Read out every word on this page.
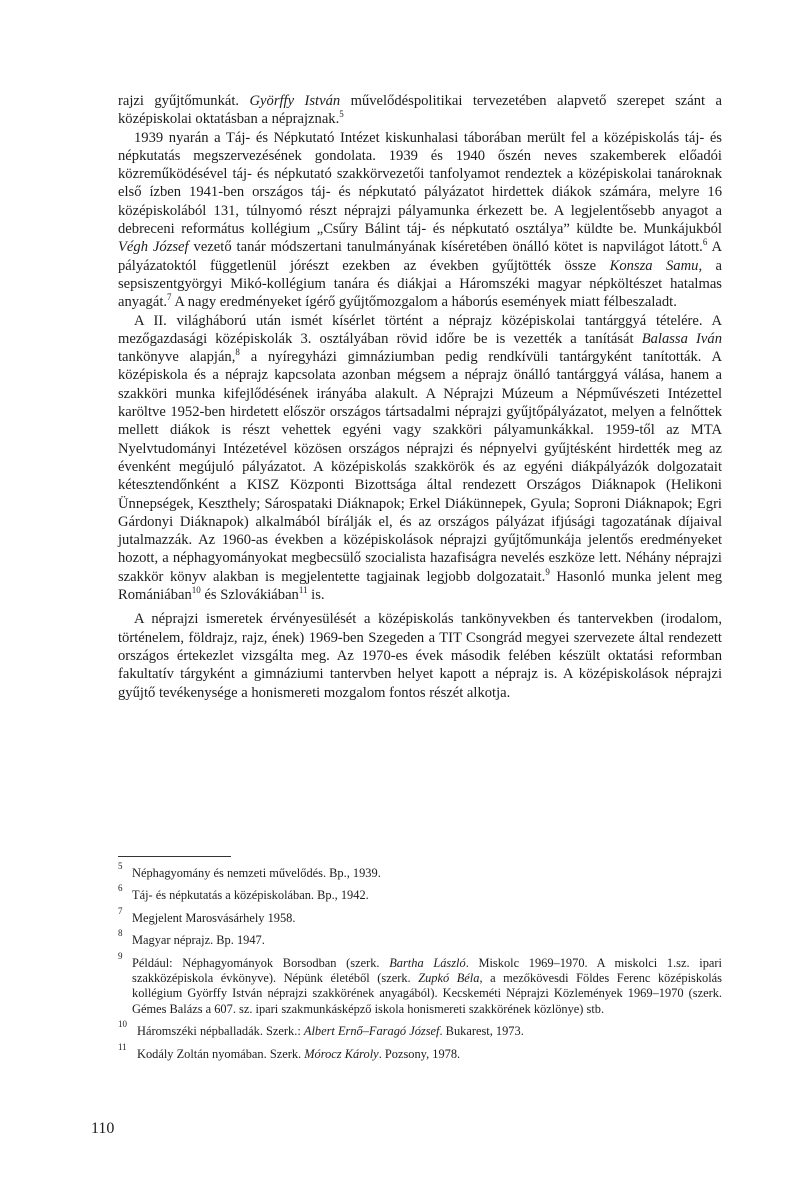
rajzi gyűjtőmunkát. Györffy István művelődéspolitikai tervezetében alapvető szerepet szánt a középiskolai oktatásban a néprajznak.$^5$

1939 nyarán a Táj- és Népkutató Intézet kiskunhalasi táborában merült fel a középiskolás táj- és népkutatás megszervezésének gondolata. 1939 és 1940 őszén neves szakemberek előadói közreműködésével táj- és népkutató szakkörvezetői tanfolyamot rendeztek a középiskolai tanároknak első ízben 1941-ben országos táj- és népkutató pályázatot hirdettek diákok számára, melyre 16 középiskolából 131, túlnyomó részt néprajzi pályamunka érkezett be. A legjelentősebb anyagot a debreceni református kollégium „Csűry Bálint táj- és népkutató osztálya” küldte be. Munkájukból Végh József vezető tanár módszertani tanulmányának kíséretében önálló kötet is napvilágot látott.$^6$ A pályázatoktól függetlenül jórészt ezekben az években gyűjtötték össze Konsza Samu, a sepsiszentgyörgyi Mikó-kollégium tanára és diákjai a Háromszéki magyar népköltészet hatalmas anyagát.$^7$ A nagy eredményeket ígérő gyűjtőmozgalom a háborús események miatt félbeszaladt.

A II. világháború után ismét kísérlet történt a néprajz középiskolai tantárggyá tételére. A mezőgazdasági középiskolák 3. osztályában rövid időre be is vezették a tanítását Balassa Iván tankönyve alapján,$^8$ a nyíregyházi gimnáziumban pedig rendkívüli tantárgyként tanították. A középiskola és a néprajz kapcsolata azonban mégsem a néprajz önálló tantárggyá válása, hanem a szakköri munka kifejlődésének irányába alakult. A Néprajzi Múzeum a Népművészeti Intézettel karöltve 1952-ben hirdetett először országos tártsadalmi néprajzi gyűjtőpályázatot, melyen a felnőttek mellett diákok is részt vehettek egyéni vagy szakköri pályamunkákkal. 1959-től az MTA Nyelvtudományi Intézetével közösen országos néprajzi és népnyelvi gyűjtésként hirdették meg az évenként megújuló pályázatot. A középiskolás szakkörök és az egyéni diákpályázók dolgozatait kétesztendőnként a KISZ Központi Bizottsága által rendezett Országos Diáknapok (Helikoni Ünnepségek, Keszthely; Sárospataki Diáknapok; Erkel Diákünnepek, Gyula; Soproni Diáknapok; Egri Gárdonyi Diáknapok) alkalmából bírálják el, és az országos pályázat ifjúsági tagozatának díjaival jutalmazzák. Az 1960-as években a középiskolások néprajzi gyűjtőmunkája jelentős eredményeket hozott, a néphagyományokat megbecsülő szocialista hazafiságra nevelés eszköze lett. Néhány néprajzi szakkör könyv alakban is megjelentette tagjainak legjobb dolgozatait.$^9$ Hasonló munka jelent meg Romániában$^{10}$ és Szlovákiában$^{11}$ is.

A néprajzi ismeretek érvényesülését a középiskolás tankönyvekben és tantervekben (irodalom, történelem, földrajz, rajz, ének) 1969-ben Szegeden a TIT Csongrád megyei szervezete által rendezett országos értekezlet vizsgálta meg. Az 1970-es évek második felében készült oktatási reformban fakultatív tárgyként a gimnáziumi tantervben helyet kapott a néprajz is. A középiskolások néprajzi gyűjtő tevékenysége a honismereti mozgalom fontos részét alkotja.

5 Néphagyomány és nemzeti művelődés. Bp., 1939.
6 Táj- és népkutatás a középiskolában. Bp., 1942.
7 Megjelent Marosvásárhely 1958.
8 Magyar néprajz. Bp. 1947.
9 Például: Néphagyományok Borsodban (szerk. Bartha László. Miskolc 1969–1970. A miskolci 1.sz. ipari szakközépiskola évkönyve). Népünk életéből (szerk. Zupkó Béla, a mezőkövesdi Földes Ferenc középiskolás kollégium Györffy István néprajzi szakkörének anyagából). Kecskeméti Néprajzi Közlemények 1969–1970 (szerk. Gémes Balázs a 607. sz. ipari szakmunkásképző iskola honismereti szakkörének közlönye) stb.
10 Háromszéki népballadák. Szerk.: Albert Ernő–Faragó József. Bukarest, 1973.
11 Kodály Zoltán nyomában. Szerk. Mórocz Károly. Pozsony, 1978.
110
